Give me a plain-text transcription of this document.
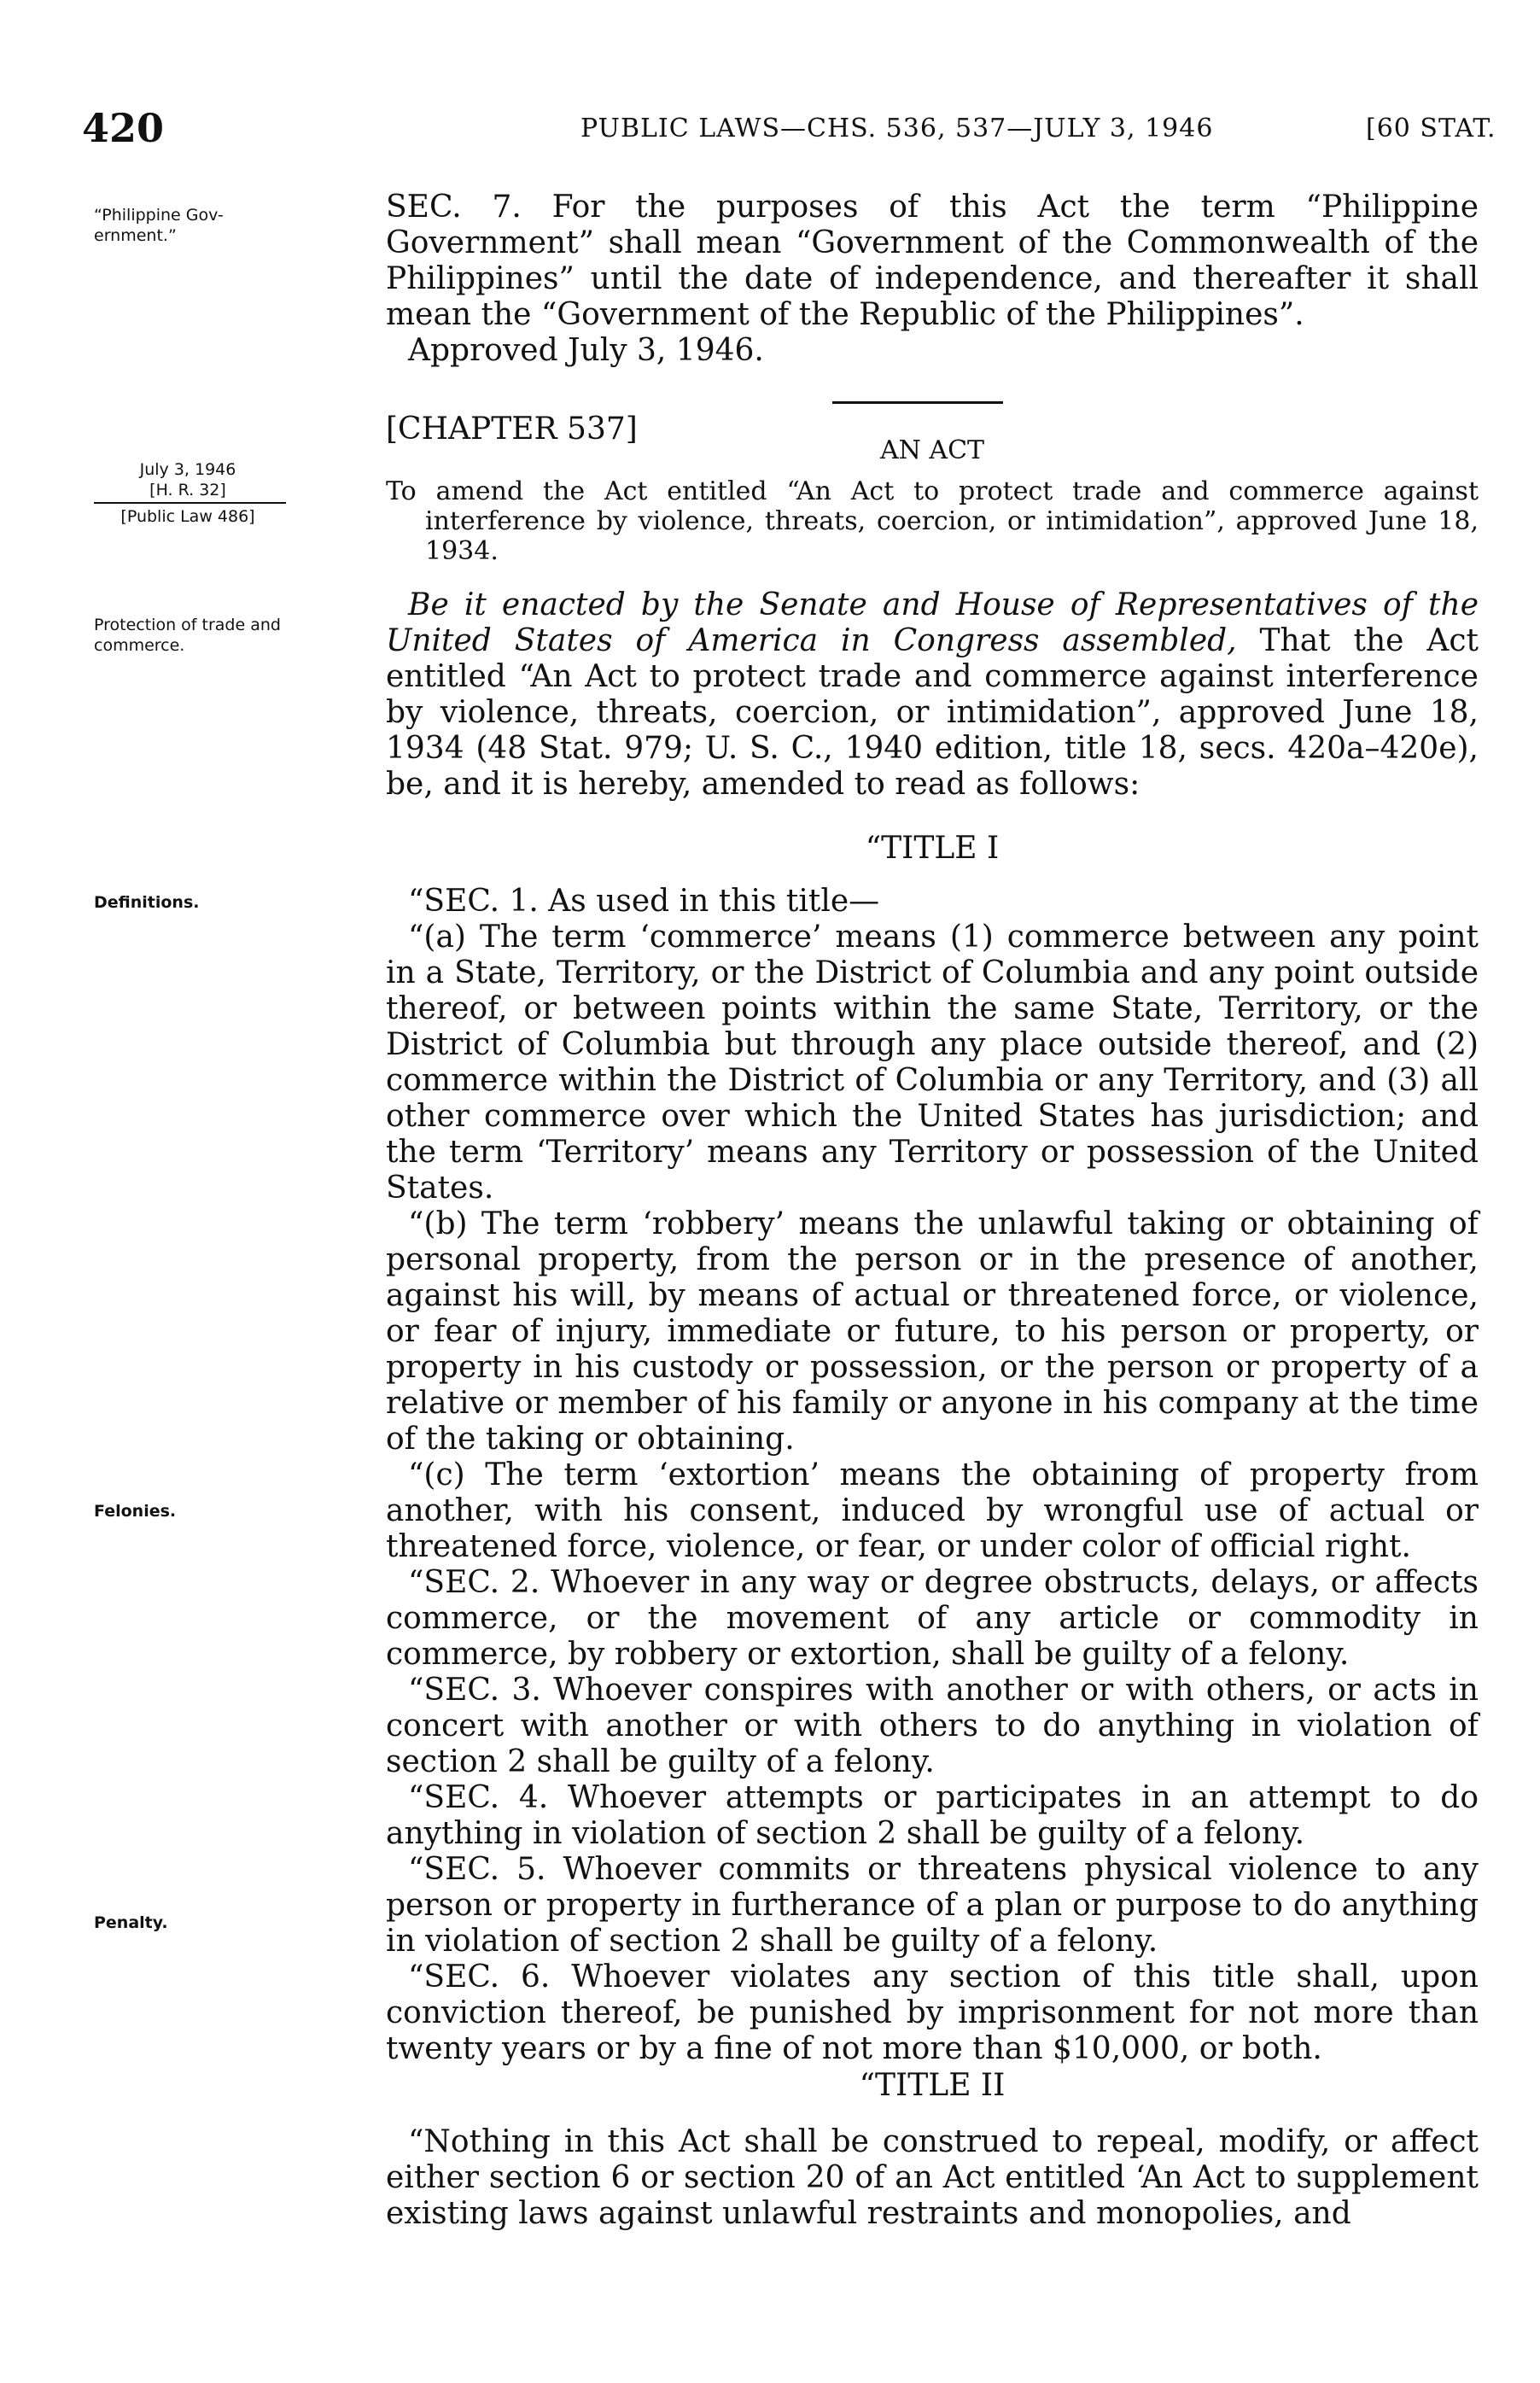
420	PUBLIC LAWS—CHS. 536, 537—JULY 3, 1946	[60 STAT.
“Philippine Gov-ernment.”
July 3, 1946
[H. R. 32]
[Public Law 486]
Protection of trade and commerce.
Definitions.
Felonies.
Penalty.

SEC. 7. For the purposes of this Act the term “Philippine Government” shall mean “Government of the Commonwealth of the Philippines” until the date of independence, and thereafter it shall mean the “Government of the Republic of the Philippines”.

Approved July 3, 1946.

[CHAPTER 537]
AN ACT
To amend the Act entitled “An Act to protect trade and commerce against interference by violence, threats, coercion, or intimidation”, approved June 18, 1934.

Be it enacted by the Senate and House of Representatives of the United States of America in Congress assembled, That the Act entitled “An Act to protect trade and commerce against interference by violence, threats, coercion, or intimidation”, approved June 18, 1934 (48 Stat. 979; U. S. C., 1940 edition, title 18, secs. 420a–420e), be, and it is hereby, amended to read as follows:

“TITLE I

“SEC. 1. As used in this title—

“(a) The term ‘commerce’ means (1) commerce between any point in a State, Territory, or the District of Columbia and any point outside thereof, or between points within the same State, Territory, or the District of Columbia but through any place outside thereof, and (2) commerce within the District of Columbia or any Territory, and (3) all other commerce over which the United States has jurisdiction; and the term ‘Territory’ means any Territory or possession of the United States.

“(b) The term ‘robbery’ means the unlawful taking or obtaining of personal property, from the person or in the presence of another, against his will, by means of actual or threatened force, or violence, or fear of injury, immediate or future, to his person or property, or property in his custody or possession, or the person or property of a relative or member of his family or anyone in his company at the time of the taking or obtaining.

“(c) The term ‘extortion’ means the obtaining of property from another, with his consent, induced by wrongful use of actual or threatened force, violence, or fear, or under color of official right.

“SEC. 2. Whoever in any way or degree obstructs, delays, or affects commerce, or the movement of any article or commodity in commerce, by robbery or extortion, shall be guilty of a felony.

“SEC. 3. Whoever conspires with another or with others, or acts in concert with another or with others to do anything in violation of section 2 shall be guilty of a felony.

“SEC. 4. Whoever attempts or participates in an attempt to do anything in violation of section 2 shall be guilty of a felony.

“SEC. 5. Whoever commits or threatens physical violence to any person or property in furtherance of a plan or purpose to do anything in violation of section 2 shall be guilty of a felony.

“SEC. 6. Whoever violates any section of this title shall, upon conviction thereof, be punished by imprisonment for not more than twenty years or by a fine of not more than $10,000, or both.

“TITLE II

“Nothing in this Act shall be construed to repeal, modify, or affect either section 6 or section 20 of an Act entitled ‘An Act to supplement existing laws against unlawful restraints and monopolies, and
